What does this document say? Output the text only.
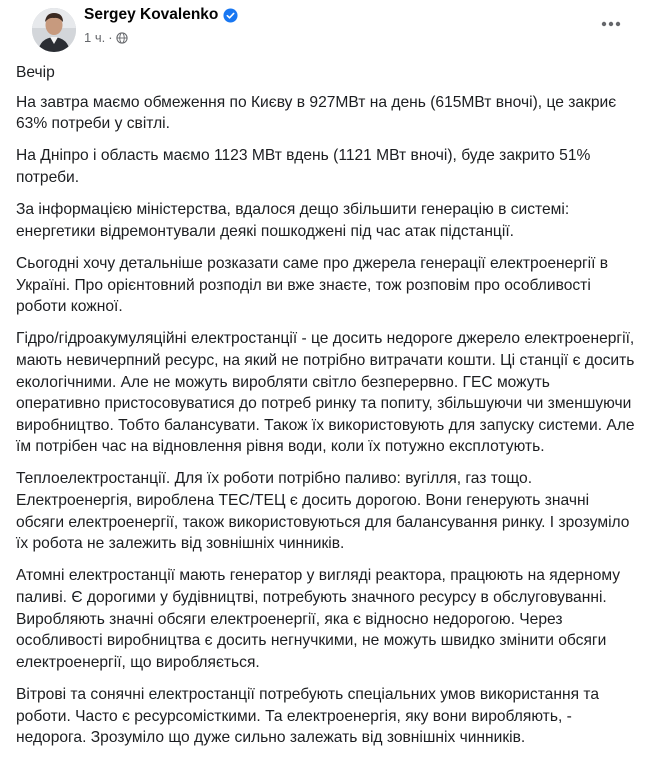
Sergey Kovalenko
1 ч. ·

Вечір

На завтра маємо обмеження по Києву в 927МВт на день (615МВт вночі), це закриє 63% потреби у світлі.

На Дніпро і область маємо 1123 МВт вдень (1121 МВт вночі), буде закрито 51% потреби.

За інформацією міністерства, вдалося дещо збільшити генерацію в системі: енергетики відремонтували деякі пошкоджені під час атак підстанції.

Сьогодні хочу детальніше розказати саме про джерела генерації електроенергії в Україні. Про орієнтовний розподіл ви вже знаєте, тож розповім про особливості роботи кожної.

Гідро/гідроакумуляційні електростанції - це досить недороге джерело електроенергії, мають невичерпний ресурс, на який не потрібно витрачати кошти. Ці станції є досить екологічними. Але не можуть виробляти світло безперервно. ГЕС можуть оперативно пристосовуватися до потреб ринку та попиту, збільшуючи чи зменшуючи виробництво. Тобто балансувати. Також їх використовують для запуску системи. Але їм потрібен час на відновлення рівня води, коли їх потужно експлотують.

Теплоелектростанції. Для їх роботи потрібно паливо: вугілля, газ тощо. Електроенергія, вироблена ТЕС/ТЕЦ є досить дорогою. Вони генерують значні обсяги електроенергії, також використовуються для балансування ринку. І зрозуміло їх робота не залежить від зовнішніх чинників.

Атомні електростанції мають генератор у вигляді реактора, працюють на ядерному паливі. Є дорогими у будівництві, потребують значного ресурсу в обслуговуванні. Виробляють значні обсяги електроенергії, яка є відносно недорогою. Через особливості виробництва є досить негнучкими, не можуть швидко змінити обсяги електроенергії, що виробляється.

Вітрові та сонячні електростанції потребують спеціальних умов використання та роботи. Часто є ресурсомісткими. Та електроенергія, яку вони виробляють, - недорога. Зрозуміло що дуже сильно залежать від зовнішніх чинників.
